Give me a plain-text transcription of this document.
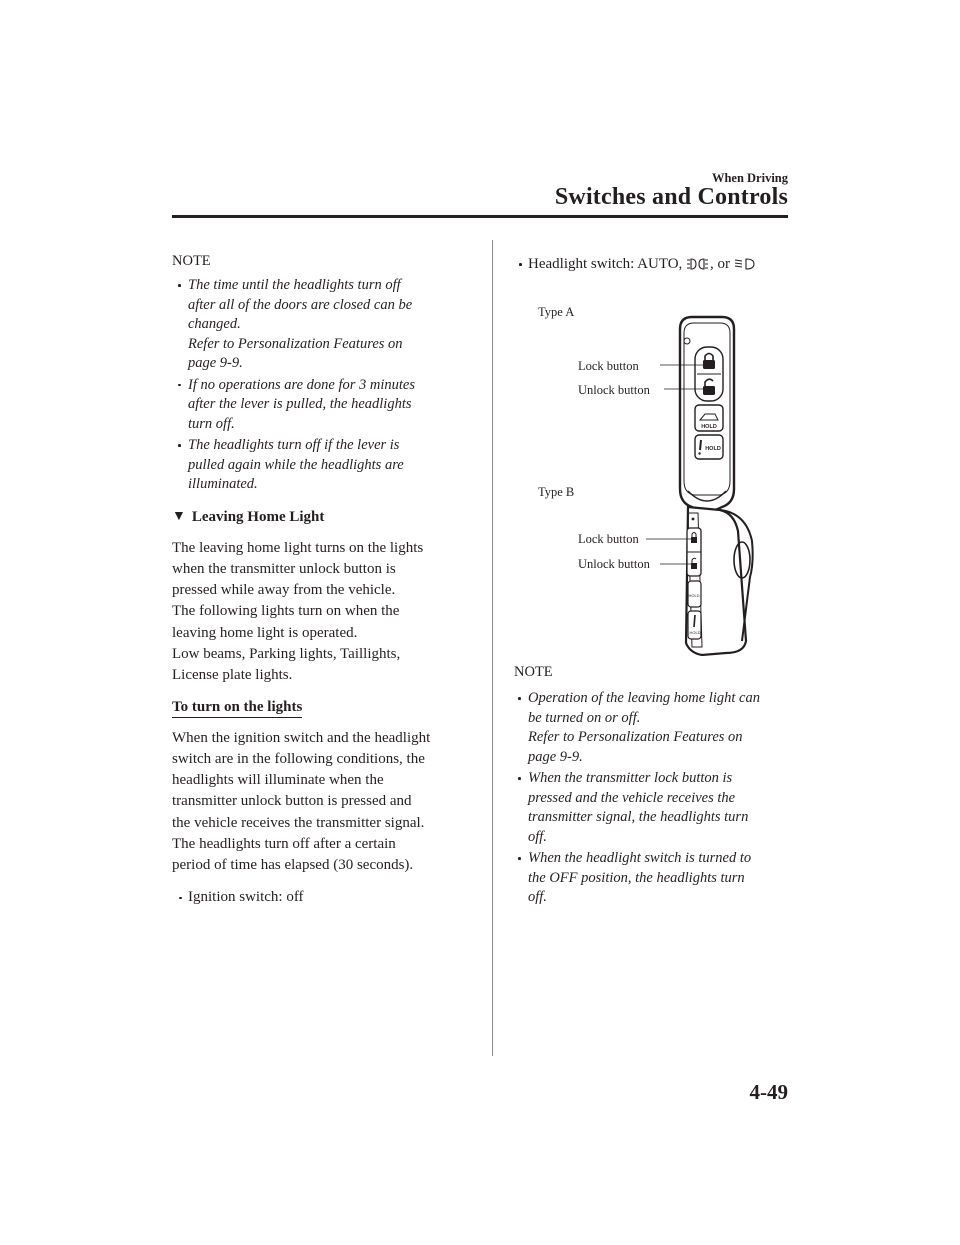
When Driving
Switches and Controls
NOTE
The time until the headlights turn off
after all of the doors are closed can be
changed.
Refer to Personalization Features on
page 9-9.
If no operations are done for 3 minutes
after the lever is pulled, the headlights
turn off.
The headlights turn off if the lever is
pulled again while the headlights are
illuminated.
▼ Leaving Home Light
The leaving home light turns on the lights
when the transmitter unlock button is
pressed while away from the vehicle.
The following lights turn on when the
leaving home light is operated.
Low beams, Parking lights, Taillights,
License plate lights.
To turn on the lights
When the ignition switch and the headlight
switch are in the following conditions, the
headlights will illuminate when the
transmitter unlock button is pressed and
the vehicle receives the transmitter signal.
The headlights turn off after a certain
period of time has elapsed (30 seconds).
Ignition switch: off
Headlight switch: AUTO, , or
Type A
Lock button
Unlock button
Type B
Lock button
Unlock button
HOLD
HOLD
HOLD
HOLD
NOTE
Operation of the leaving home light can
be turned on or off.
Refer to Personalization Features on
page 9-9.
When the transmitter lock button is
pressed and the vehicle receives the
transmitter signal, the headlights turn
off.
When the headlight switch is turned to
the OFF position, the headlights turn
off.
4-49
